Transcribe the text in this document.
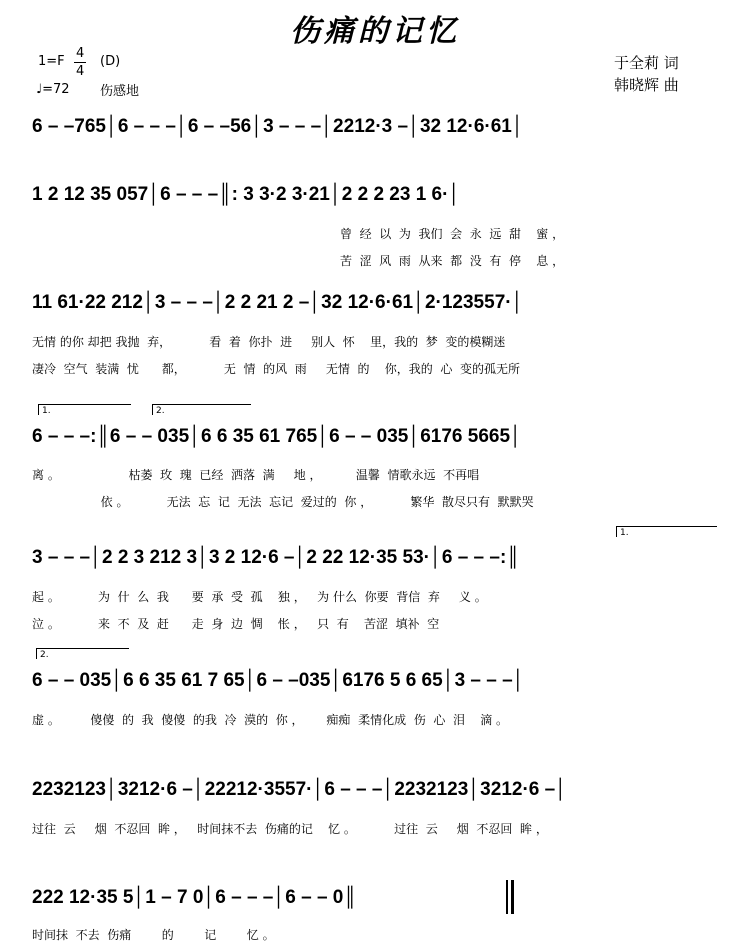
伤痛的记忆
1=F
4
4
(D)
♩=72 伤感地
于全莉 词
韩晓辉 曲
6 – –765│6 – – –│6 – –56│3 – – –│2212·3 –│32 12·6·61│
1 2 12 35 057│6 – – –║: 3 3·2 3·21│2 2 2 23 1 6·│
曾  经  以  为  我们  会  永  远  甜    蜜 ，
苦  涩  风  雨  从来  都  没  有  停    息 ，
11 61·22 212│3 – – –│2 2 21 2 –│32 12·6·61│2·123557·│
无情 的你 却把 我抛  弃，          看  着  你扑  进     别人  怀    里，我的  梦  变的模糊迷
凄冷  空气  装满  忧      都，          无  情  的风  雨     无情  的    你，我的  心  变的孤无所
1.	2.
6 – – –:║6 – – 035│6 6 35 61 765│6 – – 035│6176 5665│
离 。                  枯萎  玫  瑰  已经  洒落  满     地 ，         温馨  情歌永远  不再唱
依 。          无法  忘  记  无法  忘记  爱过的  你 ，          繁华  散尽只有  默默哭
1.
3 – – –│2 2 3 212 3│3 2 12·6 –│2 22 12·35 53·│6 – – –:║
起 。          为  什  么  我      要  承  受  孤    独 ，   为 什么  你要  背信  弃     义 。
泣 。          来  不  及  赶      走  身  边  惆    怅 ，   只  有    苦涩  填补  空
2.
6 – – 035│6 6 35 61 7 65│6 – –035│6176 5 6 65│3 – – –│
虚 。        傻傻  的  我  傻傻  的我  冷  漠的  你 ，      痴痴  柔情化成  伤  心  泪    滴 。
2232123│3212·6 –│22212·3557·│6 – – –│2232123│3212·6 –│
过往  云     烟  不忍回  眸 ，   时间抹不去  伤痛的记    忆 。          过往  云     烟  不忍回  眸 ，
222 12·35 5│1 – 7 0│6 – – –│6 – – 0║
时间抹  不去  伤痛        的        记        忆 。
